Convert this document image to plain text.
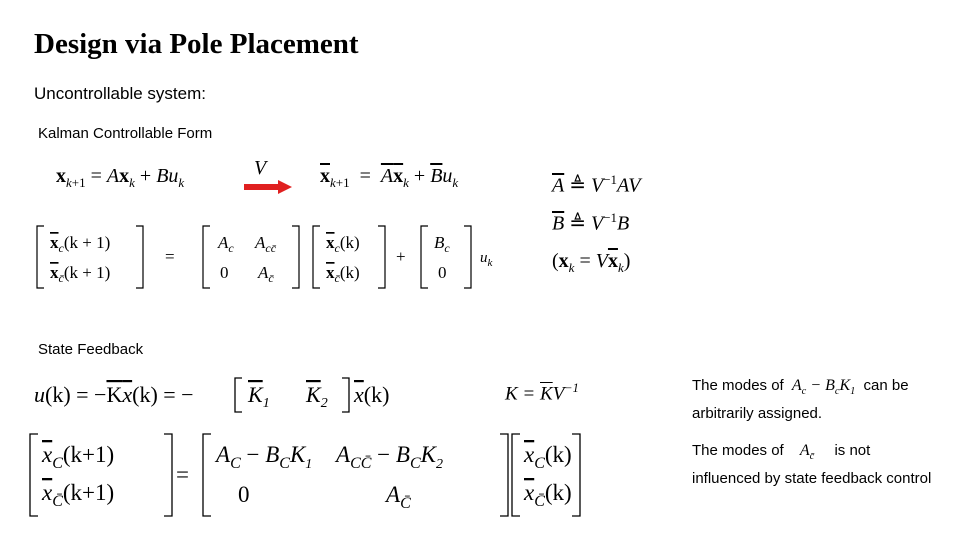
Design via Pole Placement
Uncontrollable system:
Kalman Controllable Form
$x_{k+1} = Ax_k + Bu_k$
V	$\overline{x}_{k+1} = \overline{A}\overline{x}_k + \overline{B}u_k$	$\overline{A}$ ≜ $V^{-1}AV$
$\overline{B}$ ≜ $V^{-1}B$
$(x_k = V\overline{x}_k)$
$x_c(k + 1)$
$x_{c̄}(k + 1)$
=
$A_c$ $A_{cc̄}$
0 $A_{c̄}$
$x_c(k)$
$x_{c̄}(k)$
+
$B_c$
0
$u_k$
State Feedback
u(k) = −Kx(k) = − $K_1$ $K_2$ x(k)	$K = \overline{K}V^{-1}$
$x_C(k+1)$
$x_{C̄}(k+1)$
=
$A_C - B_CK_1$ $A_{CC̄} - B_CK_2$
0	$A_{C̄}$
$x_C(k)$
$x_{C̄}(k)$
The modes of  $A_c - B_cK_1$ can be arbitrarily assigned.
The modes of    $A_{c̄}$ is not influenced by state feedback control
